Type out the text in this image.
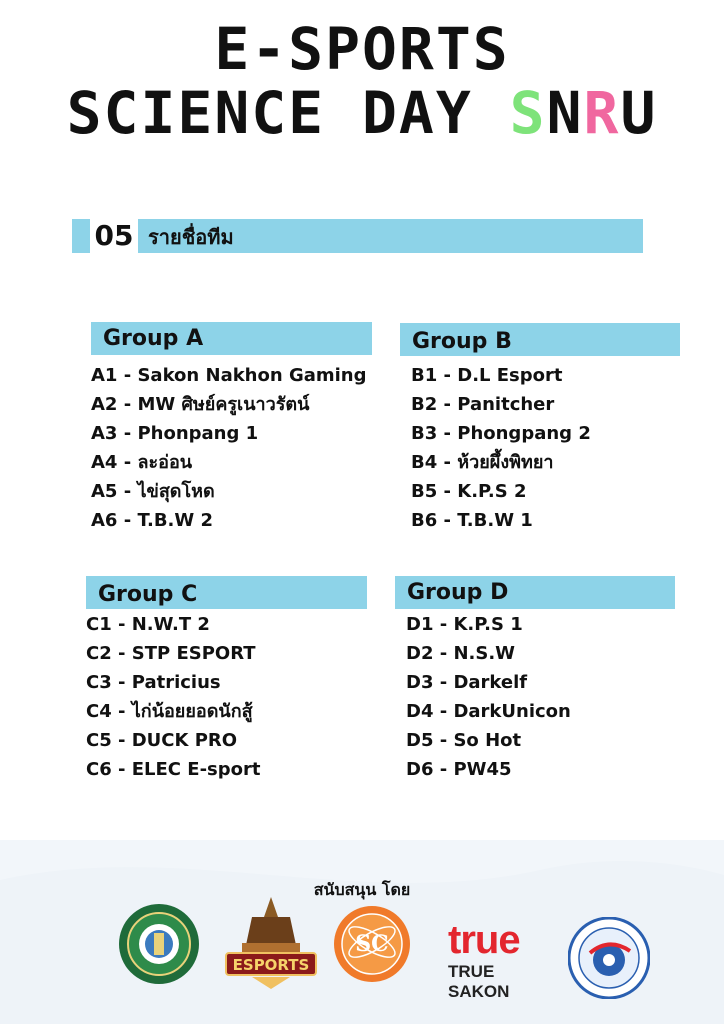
E-SPORTS
SCIENCE DAY SNRU
05 รายชื่อทีม
Group A
A1 - Sakon Nakhon Gaming
A2 - MW ศิษย์ครูเนาวรัตน์
A3 - Phonpang 1
A4 - ละอ่อน
A5 - ไข่สุดโหด
A6 - T.B.W 2
Group B
B1 - D.L Esport
B2 - Panitcher
B3 - Phongpang 2
B4 - ห้วยผึ้งพิทยา
B5 - K.P.S 2
B6 - T.B.W 1
Group C
C1 - N.W.T 2
C2 - STP ESPORT
C3 - Patricius
C4 - ไก่น้อยยอดนักสู้
C5 - DUCK PRO
C6 - ELEC E-sport
Group D
D1 - K.P.S 1
D2 - N.S.W
D3 - Darkelf
D4 - DarkUnicon
D5 - So Hot
D6 - PW45
สนับสนุน โดย
ESPORTS
SC true
TRUE SAKON
